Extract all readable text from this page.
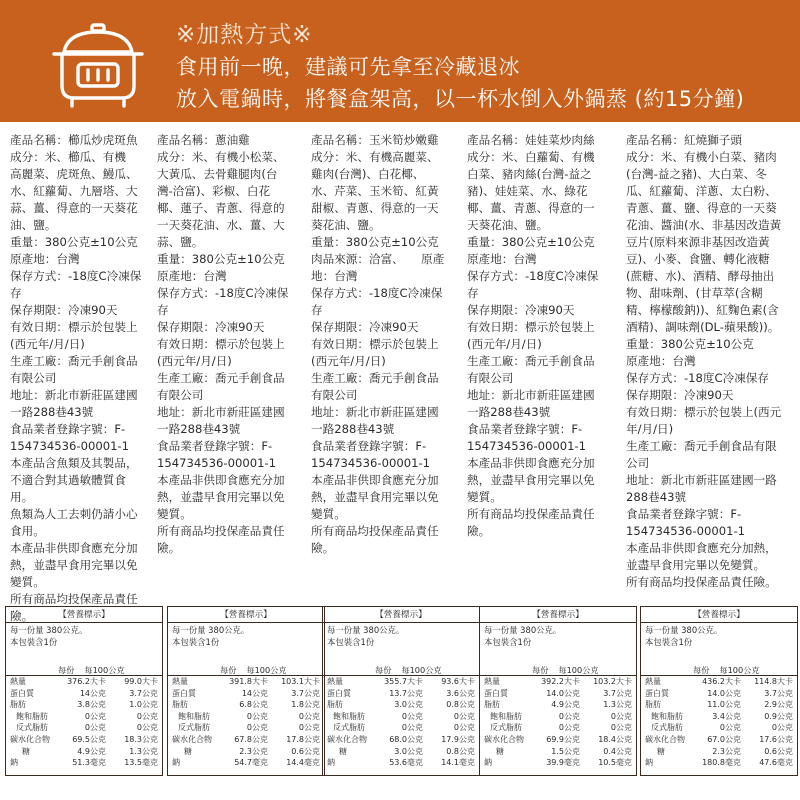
※加熱方式※
食用前一晚，建議可先拿至冷藏退冰
放入電鍋時，將餐盒架高，以一杯水倒入外鍋蒸 (約15分鐘)

產品名稱：櫛瓜炒虎斑魚
成分：米、櫛瓜、有機
高麗菜、虎斑魚、鰻瓜、
水、紅蘿蔔、九層塔、大
蒜、薑、得意的一天葵花
油、鹽。
重量：380公克±10公克
原產地：台灣
保存方式：-18度C冷凍保
存
保存期限：冷凍90天
有效日期：標示於包裝上
(西元年/月/日)
生產工廠：喬元手創食品
有限公司
地址：新北市新莊區建國
一路288巷43號
食品業者登錄字號：F-
154734536-00001-1
本產品含魚類及其製品，
不適合對其過敏體質食
用。
魚類為人工去刺仍請小心
食用。
本產品非供即食應充分加
熱，並盡早食用完畢以免
變質。
所有商品均投保產品責任
險。

產品名稱：蔥油雞
成分：米、有機小松菜、
大黃瓜、去骨雞腿肉(台
灣-洽富)、彩椒、白花
椰、蓮子、青蔥、得意的
一天葵花油、水、薑、大
蒜、鹽。
重量：380公克±10公克
原產地：台灣
保存方式：-18度C冷凍保
存
保存期限：冷凍90天
有效日期：標示於包裝上
(西元年/月/日)
生產工廠：喬元手創食品
有限公司
地址：新北市新莊區建國
一路288巷43號
食品業者登錄字號：F-
154734536-00001-1
本產品非供即食應充分加
熱，並盡早食用完畢以免
變質。
所有商品均投保產品責任
險。

產品名稱：玉米筍炒嫩雞
成分：米、有機高麗菜、
雞肉(台灣)、白花椰、
水、芹菜、玉米筍、紅黃
甜椒、青蔥、得意的一天
葵花油、鹽。
重量：380公克±10公克
肉品來源：洽富、　　原產
地：台灣
保存方式：-18度C冷凍保
存
保存期限：冷凍90天
有效日期：標示於包裝上
(西元年/月/日)
生產工廠：喬元手創食品
有限公司
地址：新北市新莊區建國
一路288巷43號
食品業者登錄字號：F-
154734536-00001-1
本產品非供即食應充分加
熱，並盡早食用完畢以免
變質。
所有商品均投保產品責任
險。

產品名稱：娃娃菜炒肉絲
成分：米、白蘿蔔、有機
白菜、豬肉絲(台灣-益之
豬)、娃娃菜、水、綠花
椰、薑、青蔥、得意的一
天葵花油、鹽。
重量：380公克±10公克
原產地：台灣
保存方式：-18度C冷凍保
存
保存期限：冷凍90天
有效日期：標示於包裝上
(西元年/月/日)
生產工廠：喬元手創食品
有限公司
地址：新北市新莊區建國
一路288巷43號
食品業者登錄字號：F-
154734536-00001-1
本產品非供即食應充分加
熱，並盡早食用完畢以免
變質。
所有商品均投保產品責任
險。

產品名稱：紅燒獅子頭
成分：米、有機小白菜、豬肉
(台灣-益之豬)、大白菜、冬
瓜、紅蘿蔔、洋蔥、太白粉、
青蔥、薑、鹽、得意的一天葵
花油、醬油(水、非基因改造黃
豆片(原料來源非基因改造黃
豆)、小麥、食鹽、轉化液糖
(蔗糖、水)、酒精、酵母抽出
物、甜味劑、(甘草萃(含糊
精、檸檬酸鈉))、紅麴色素(含
酒精)、調味劑(DL-蘋果酸))。
重量：380公克±10公克
原產地：台灣
保存方式：-18度C冷凍保存
保存期限：冷凍90天
有效日期：標示於包裝上(西元
年/月/日)
生產工廠：喬元手創食品有限
公司
地址：新北市新莊區建國一路
288巷43號
食品業者登錄字號：F-
154734536-00001-1
本產品非供即食應充分加熱，
並盡早食用完畢以免變質。
所有商品均投保產品責任險。

【營養標示】
每一份量 380公克。
本包裝含1份
每份 每100公克
熱量	376.2大卡	99.0大卡
蛋白質	14公克	3.7公克
脂肪	3.8公克	1.0公克
飽和脂肪	0公克	0公克
反式脂肪	0公克	0公克
碳水化合物	69.5公克	18.3公克
糖	4.9公克	1.3公克
鈉	51.3毫克	13.5毫克
【營養標示】
每一份量 380公克。
本包裝含1份
每份 每100公克
熱量	391.8大卡	103.1大卡
蛋白質	14公克	3.7公克
脂肪	6.8公克	1.8公克
飽和脂肪	0公克	0公克
反式脂肪	0公克	0公克
碳水化合物	67.8公克	17.8公克
糖	2.3公克	0.6公克
鈉	54.7毫克	14.4毫克
【營養標示】
每一份量 380公克。
本包裝含1份
每份 每100公克
熱量	355.7大卡	93.6大卡
蛋白質	13.7公克	3.6公克
脂肪	3.0公克	0.8公克
飽和脂肪	0公克	0公克
反式脂肪	0公克	0公克
碳水化合物	68.0公克	17.9公克
糖	3.0公克	0.8公克
鈉	53.6毫克	14.1毫克
【營養標示】
每一份量 380公克。
本包裝含1份
每份 每100公克
熱量	392.2大卡	103.2大卡
蛋白質	14.0公克	3.7公克
脂肪	4.9公克	1.3公克
飽和脂肪	0公克	0公克
反式脂肪	0公克	0公克
碳水化合物	69.9公克	18.4公克
糖	1.5公克	0.4公克
鈉	39.9毫克	10.5毫克
【營養標示】
每一份量 380公克。
本包裝含1份
每份 每100公克
熱量	436.2大卡	114.8大卡
蛋白質	14.0公克	3.7公克
脂肪	11.0公克	2.9公克
飽和脂肪	3.4公克	0.9公克
反式脂肪	0公克	0公克
碳水化合物	67.0公克	17.6公克
糖	2.3公克	0.6公克
鈉	180.8毫克	47.6毫克
